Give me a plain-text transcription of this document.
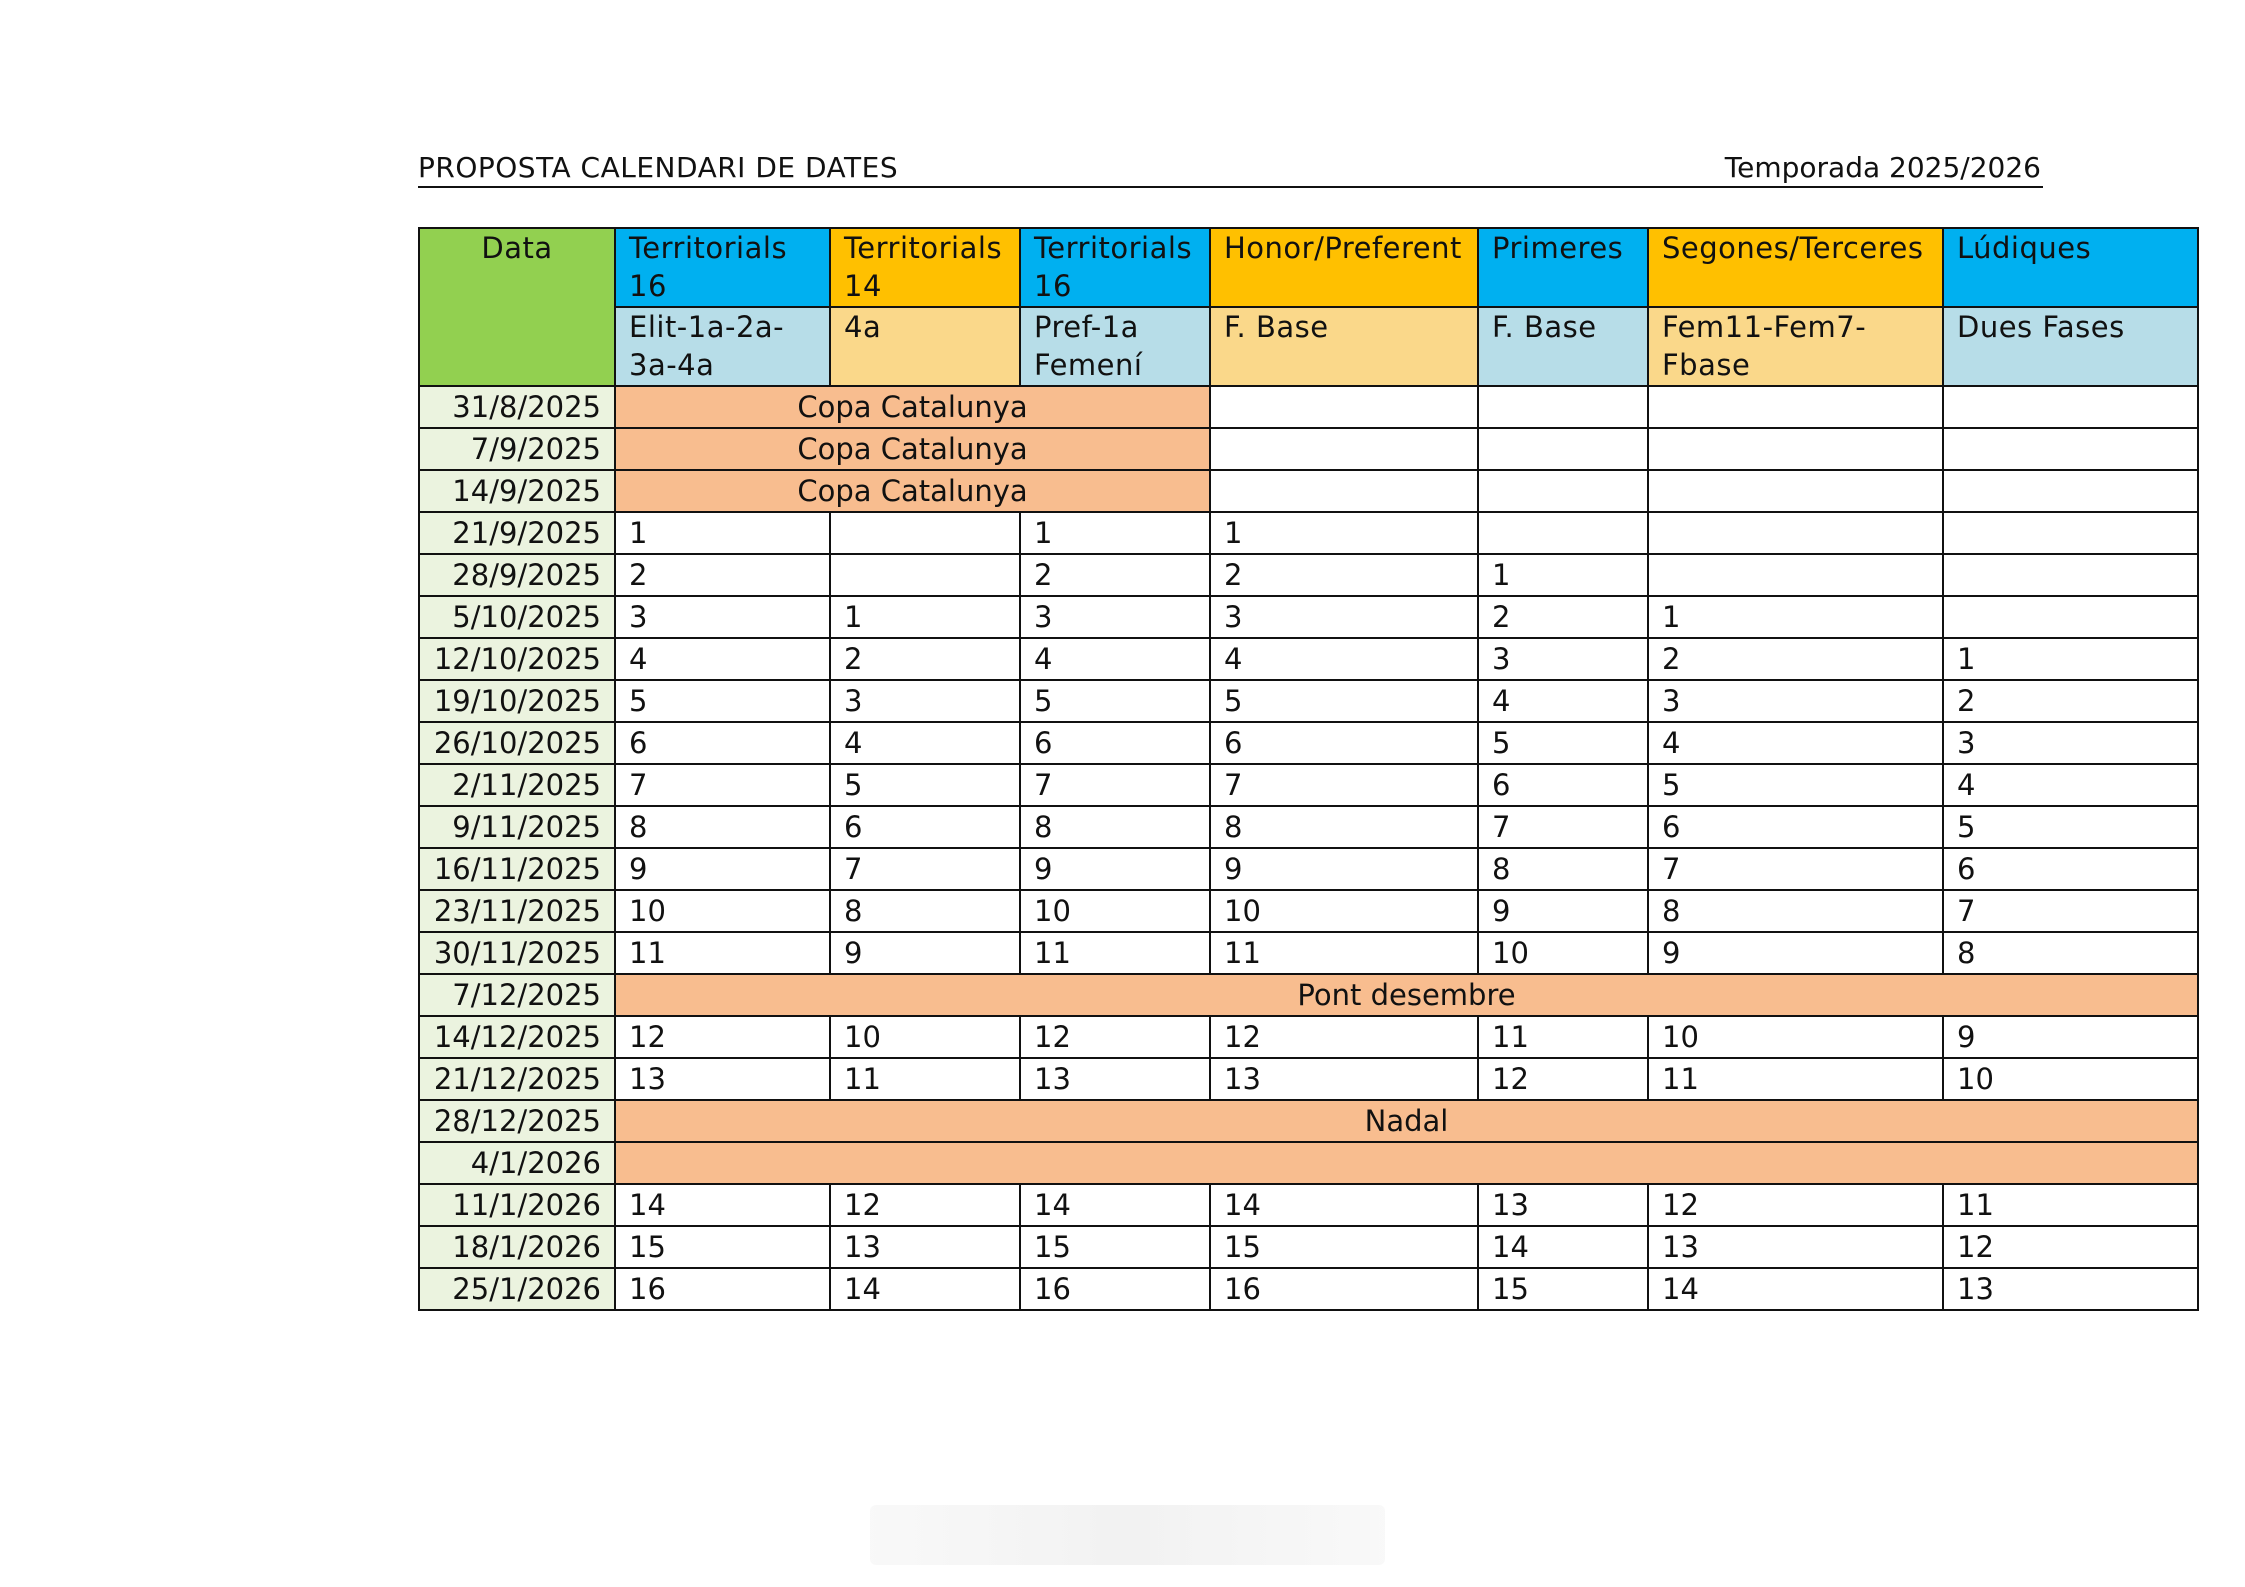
PROPOSTA CALENDARI DE DATES	Temporada 2025/2026
Data	Territorials 16	Territorials 14	Territorials 16	Honor/Preferent	Primeres	Segones/Terceres	Lúdiques
	Elit-1a-2a-3a-4a	4a	Pref-1a Femení	F. Base	F. Base	Fem11-Fem7-Fbase	Dues Fases
31/8/2025	Copa Catalunya						
7/9/2025	Copa Catalunya						
14/9/2025	Copa Catalunya						
21/9/2025	1		1	1			
28/9/2025	2		2	2	1		
5/10/2025	3	1	3	3	2	1	
12/10/2025	4	2	4	4	3	2	1
19/10/2025	5	3	5	5	4	3	2
26/10/2025	6	4	6	6	5	4	3
2/11/2025	7	5	7	7	6	5	4
9/11/2025	8	6	8	8	7	6	5
16/11/2025	9	7	9	9	8	7	6
23/11/2025	10	8	10	10	9	8	7
30/11/2025	11	9	11	11	10	9	8
7/12/2025	Pont desembre						
14/12/2025	12	10	12	12	11	10	9
21/12/2025	13	11	13	13	12	11	10
28/12/2025	Nadal						
4/1/2026							
11/1/2026	14	12	14	14	13	12	11
18/1/2026	15	13	15	15	14	13	12
25/1/2026	16	14	16	16	15	14	13
